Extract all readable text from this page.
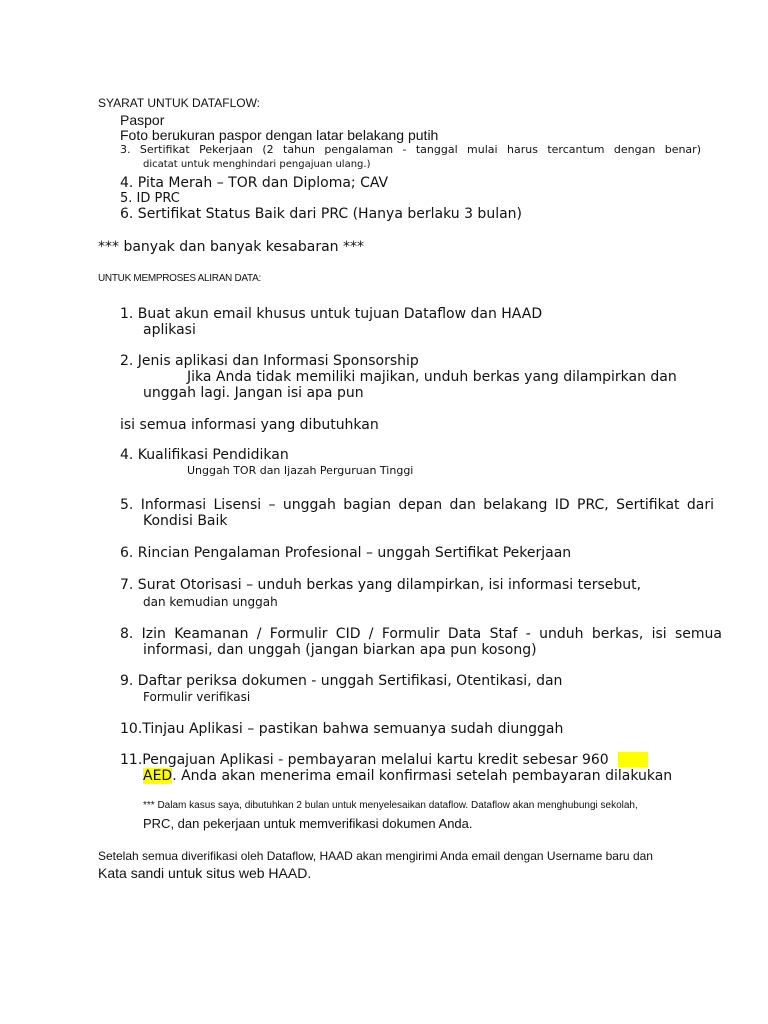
SYARAT UNTUK DATAFLOW:
Paspor
Foto berukuran paspor dengan latar belakang putih
3. Sertifikat Pekerjaan (2 tahun pengalaman - tanggal mulai harus tercantum dengan benar)
dicatat untuk menghindari pengajuan ulang.)
4. Pita Merah – TOR dan Diploma; CAV
5. ID PRC
6. Sertifikat Status Baik dari PRC (Hanya berlaku 3 bulan)
*** banyak dan banyak kesabaran ***
UNTUK MEMPROSES ALIRAN DATA:
1. Buat akun email khusus untuk tujuan Dataflow dan HAAD
aplikasi
2. Jenis aplikasi dan Informasi Sponsorship
Jika Anda tidak memiliki majikan, unduh berkas yang dilampirkan dan
unggah lagi. Jangan isi apa pun
isi semua informasi yang dibutuhkan
4. Kualifikasi Pendidikan
Unggah TOR dan Ijazah Perguruan Tinggi
5. Informasi Lisensi – unggah bagian depan dan belakang ID PRC, Sertifikat dari
Kondisi Baik
6. Rincian Pengalaman Profesional – unggah Sertifikat Pekerjaan
7. Surat Otorisasi – unduh berkas yang dilampirkan, isi informasi tersebut,
dan kemudian unggah
8. Izin Keamanan / Formulir CID / Formulir Data Staf - unduh berkas, isi semua
informasi, dan unggah (jangan biarkan apa pun kosong)
9. Daftar periksa dokumen - unggah Sertifikasi, Otentikasi, dan
Formulir verifikasi
10.Tinjau Aplikasi – pastikan bahwa semuanya sudah diunggah
11.Pengajuan Aplikasi - pembayaran melalui kartu kredit sebesar 960
AED. Anda akan menerima email konfirmasi setelah pembayaran dilakukan
*** Dalam kasus saya, dibutuhkan 2 bulan untuk menyelesaikan dataflow. Dataflow akan menghubungi sekolah,
PRC, dan pekerjaan untuk memverifikasi dokumen Anda.
Setelah semua diverifikasi oleh Dataflow, HAAD akan mengirimi Anda email dengan Username baru dan
Kata sandi untuk situs web HAAD.
